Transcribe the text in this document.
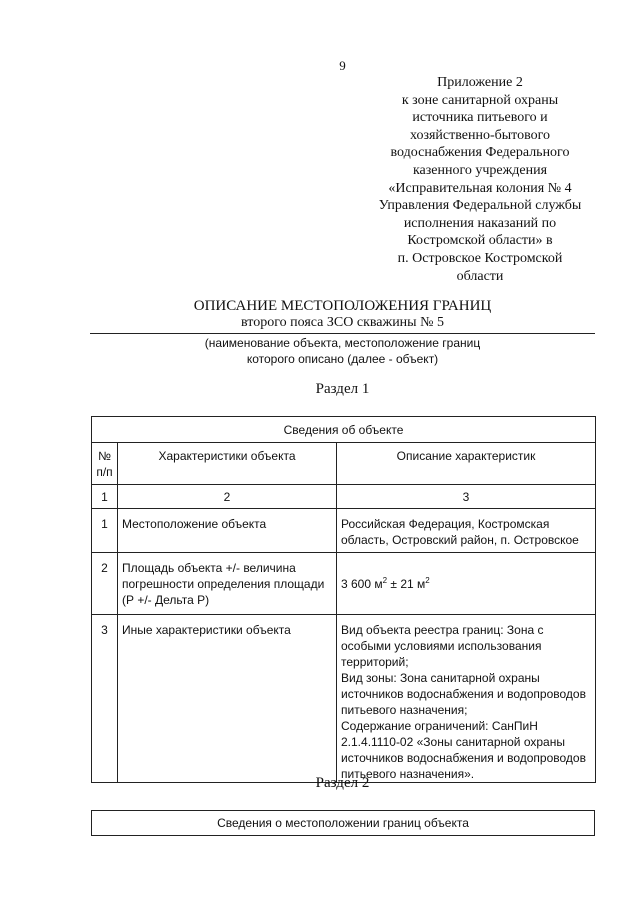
9
Приложение 2
к зоне санитарной охраны
источника питьевого и
хозяйственно-бытового
водоснабжения Федерального
казенного учреждения
«Исправительная колония № 4
Управления Федеральной службы
исполнения наказаний по
Костромской области» в
п. Островское Костромской
области
ОПИСАНИЕ МЕСТОПОЛОЖЕНИЯ ГРАНИЦ
второго пояса ЗСО скважины № 5
(наименование объекта, местоположение границ
которого описано (далее - объект)
Раздел 1
Сведения об объекте		
№
п/п	Характеристики объекта	Описание характеристик
1	2	3
1	Местоположение объекта	Российская Федерация, Костромская область, Островский район, п. Островское
2	Площадь объекта +/- величина погрешности определения площади (Р +/- Дельта Р)	3 600 $м^2 \pm 21$ $м^2$
3	Иные характеристики объекта	Вид объекта реестра границ: Зона с особыми условиями использования территорий;
Вид зоны: Зона санитарной охраны источников водоснабжения и водопроводов питьевого назначения;
Содержание ограничений: СанПиН 2.1.4.1110-02 «Зоны санитарной охраны источников водоснабжения и водопроводов питьевого назначения».
Раздел 2
Сведения о местоположении границ объекта
